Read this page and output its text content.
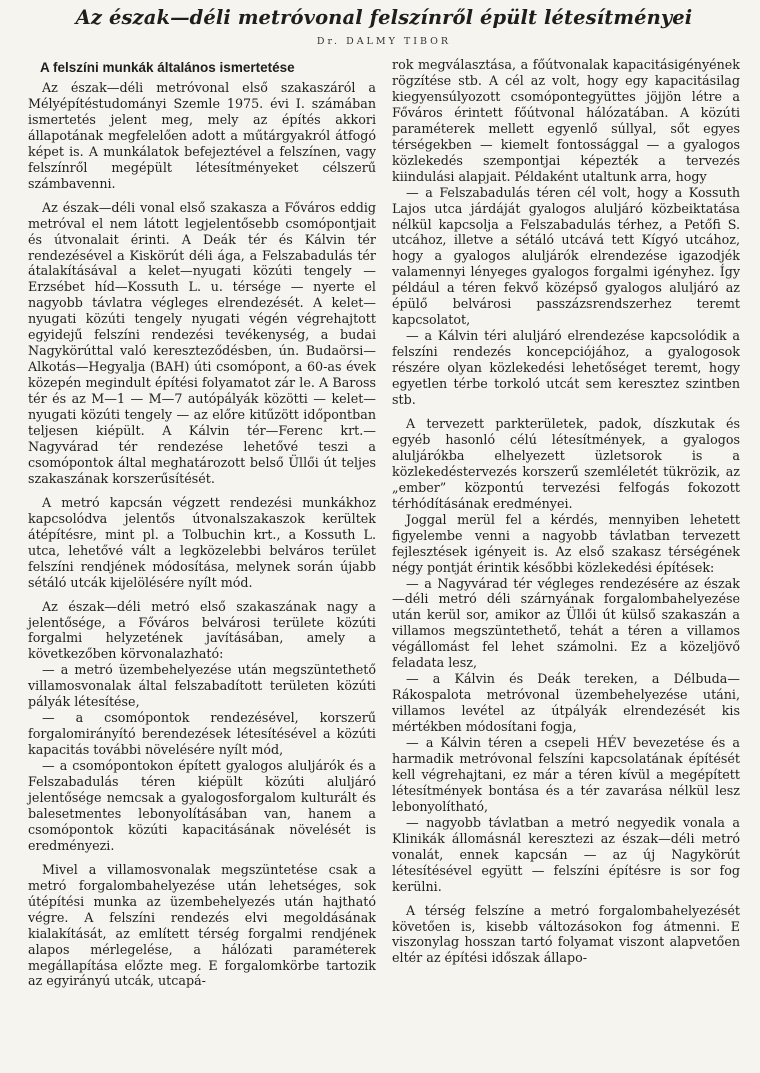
Az észak—déli metróvonal felszínről épült létesítményei
Dr. DALMY TIBOR
A felszíni munkák általános ismertetése

Az észak—déli metróvonal első szakaszáról a Mélyépítéstudományi Szemle 1975. évi I. számában ismertetés jelent meg, mely az építés akkori állapotának megfelelően adott a műtárgyakról átfogó képet is. A munkálatok befejeztével a felszínen, vagy felszínről megépült létesítményeket célszerű számbavenni.

Az észak—déli vonal első szakasza a Főváros eddig metróval el nem látott legjelentősebb csomópontjait és útvonalait érinti. A Deák tér és Kálvin tér rendezésével a Kiskörút déli ága, a Felszabadulás tér átalakításával a kelet—nyugati közúti tengely — Erzsébet híd—Kossuth L. u. térsége — nyerte el nagyobb távlatra végleges elrendezését. A kelet—nyugati közúti tengely nyugati végén végrehajtott egyidejű felszíni rendezési tevékenység, a budai Nagykörúttal való kereszteződésben, ún. Budaörsi—Alkotás—Hegyalja (BAH) úti csomópont, a 60-as évek közepén megindult építési folyamatot zár le. A Baross tér és az M—1 — M—7 autópályák közötti — kelet—nyugati közúti tengely — az előre kitűzött időpontban teljesen kiépült. A Kálvin tér—Ferenc krt.—Nagyvárad tér rendezése lehetővé teszi a csomópontok által meghatározott belső Üllői út teljes szakaszának korszerűsítését.

A metró kapcsán végzett rendezési munkákhoz kapcsolódva jelentős útvonalszakaszok kerültek átépítésre, mint pl. a Tolbuchin krt., a Kossuth L. utca, lehetővé vált a legközelebbi belváros terület felszíni rendjének módosítása, melynek során újabb sétáló utcák kijelölésére nyílt mód.

Az észak—déli metró első szakaszának nagy a jelentősége, a Főváros belvárosi területe közúti forgalmi helyzetének javításában, amely a következőben körvonalazható:

— a metró üzembehelyezése után megszüntethető villamosvonalak által felszabadított területen közúti pályák létesítése,

— a csomópontok rendezésével, korszerű forgalomirányító berendezések létesítésével a közúti kapacitás további növelésére nyílt mód,

— a csomópontokon épített gyalogos aluljárók és a Felszabadulás téren kiépült közúti aluljáró jelentősége nemcsak a gyalogosforgalom kulturált és balesetmentes lebonyolításában van, hanem a csomópontok közúti kapacitásának növelését is eredményezi.

Mivel a villamosvonalak megszüntetése csak a metró forgalombahelyezése után lehetséges, sok útépítési munka az üzembehelyezés után hajtható végre. A felszíni rendezés elvi megoldásának kialakítását, az említett térség forgalmi rendjének alapos mérlegelése, a hálózati paraméterek megállapítása előzte meg. E forgalomkörbe tartozik az egyirányú utcák, utcapá-

rok megválasztása, a főútvonalak kapacitásigényének rögzítése stb. A cél az volt, hogy egy kapacitásilag kiegyensúlyozott csomópontegyüttes jöjjön létre a Főváros érintett főútvonal hálózatában. A közúti paraméterek mellett egyenlő súllyal, sőt egyes térségekben — kiemelt fontossággal — a gyalogos közlekedés szempontjai képezték a tervezés kiindulási alapjait. Példaként utaltunk arra, hogy

— a Felszabadulás téren cél volt, hogy a Kossuth Lajos utca járdáját gyalogos aluljáró közbeiktatása nélkül kapcsolja a Felszabadulás térhez, a Petőfi S. utcához, illetve a sétáló utcává tett Kígyó utcához, hogy a gyalogos aluljárók elrendezése igazodjék valamennyi lényeges gyalogos forgalmi igényhez. Így például a téren fekvő középső gyalogos aluljáró az épülő belvárosi passzázsrendszerhez teremt kapcsolatot,

— a Kálvin téri aluljáró elrendezése kapcsolódik a felszíni rendezés koncepciójához, a gyalogosok részére olyan közlekedési lehetőséget teremt, hogy egyetlen térbe torkoló utcát sem keresztez szintben stb.

A tervezett parkterületek, padok, díszkutak és egyéb hasonló célú létesítmények, a gyalogos aluljárókba elhelyezett üzletsorok is a közlekedéstervezés korszerű szemléletét tükrözik, az „ember” központú tervezési felfogás fokozott térhódításának eredményei.

Joggal merül fel a kérdés, mennyiben lehetett figyelembe venni a nagyobb távlatban tervezett fejlesztések igényeit is. Az első szakasz térségének négy pontját érintik későbbi közlekedési építések:

— a Nagyvárad tér végleges rendezésére az észak—déli metró déli szárnyának forgalombahelyezése után kerül sor, amikor az Üllői út külső szakaszán a villamos megszüntethető, tehát a téren a villamos végállomást fel lehet számolni. Ez a közeljövő feladata lesz,

— a Kálvin és Deák tereken, a Délbuda—Rákospalota metróvonal üzembehelyezése utáni, villamos levétel az útpályák elrendezését kis mértékben módosítani fogja,

— a Kálvin téren a csepeli HÉV bevezetése és a harmadik metróvonal felszíni kapcsolatának építését kell végrehajtani, ez már a téren kívül a megépített létesítmények bontása és a tér zavarása nélkül lesz lebonyolítható,

— nagyobb távlatban a metró negyedik vonala a Klinikák állomásnál keresztezi az észak—déli metró vonalát, ennek kapcsán — az új Nagykörút létesítésével együtt — felszíni építésre is sor fog kerülni.

A térség felszíne a metró forgalombahelyezését követően is, kisebb változásokon fog átmenni. E viszonylag hosszan tartó folyamat viszont alapvetően eltér az építési időszak állapo-
